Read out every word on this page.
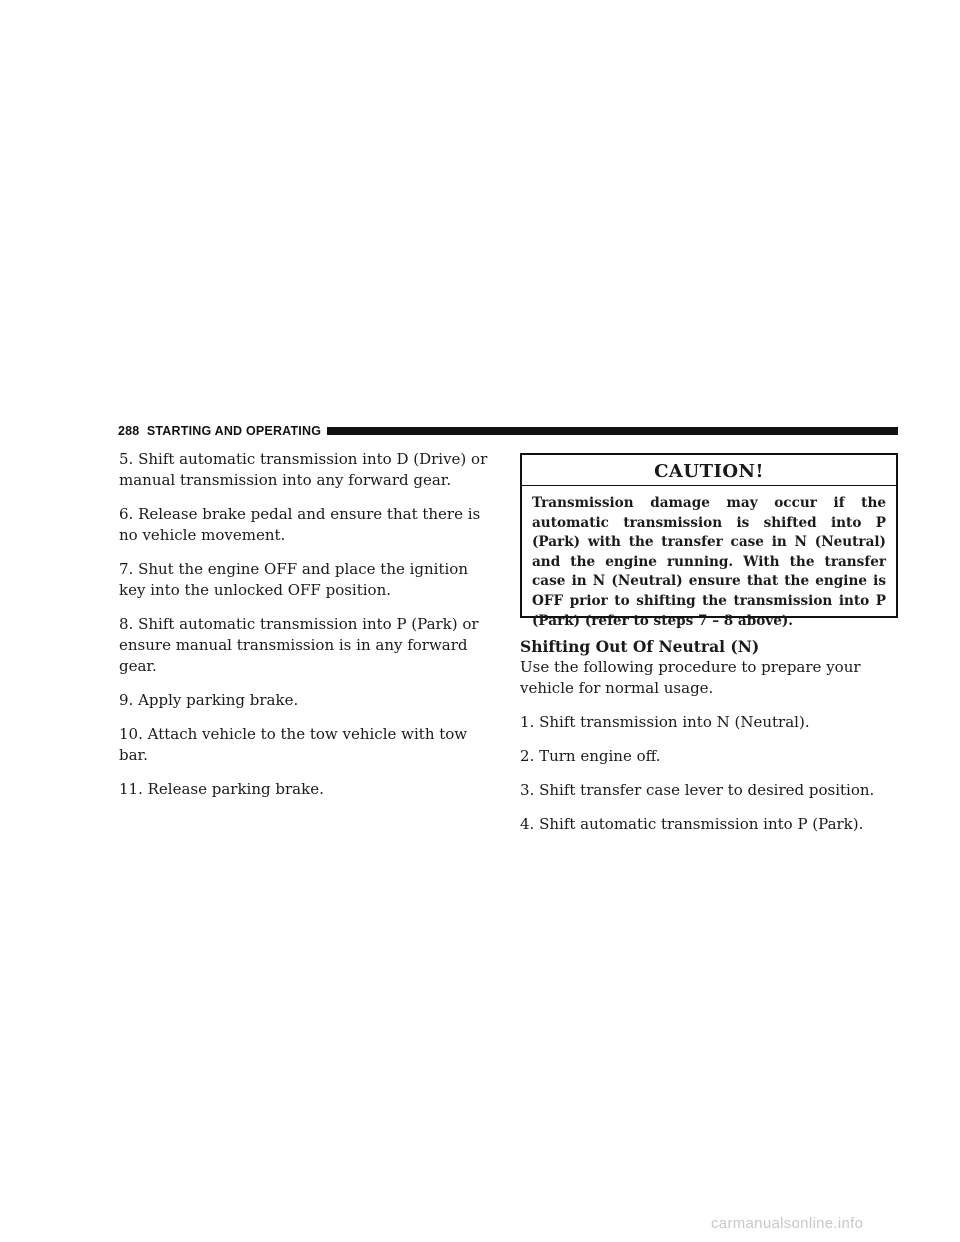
288 STARTING AND OPERATING

5. Shift automatic transmission into D (Drive) or manual transmission into any forward gear.

6. Release brake pedal and ensure that there is no vehicle movement.

7. Shut the engine OFF and place the ignition key into the unlocked OFF position.

8. Shift automatic transmission into P (Park) or ensure manual transmission is in any forward gear.

9. Apply parking brake.

10. Attach vehicle to the tow vehicle with tow bar.

11. Release parking brake.

CAUTION!
Transmission damage may occur if the automatic transmission is shifted into P (Park) with the transfer case in N (Neutral) and the engine running. With the transfer case in N (Neutral) ensure that the engine is OFF prior to shifting the transmission into P (Park) (refer to steps 7 – 8 above).
Shifting Out Of Neutral (N)

Use the following procedure to prepare your vehicle for normal usage.

1. Shift transmission into N (Neutral).

2. Turn engine off.

3. Shift transfer case lever to desired position.

4. Shift automatic transmission into P (Park).

carmanualsonline.info
